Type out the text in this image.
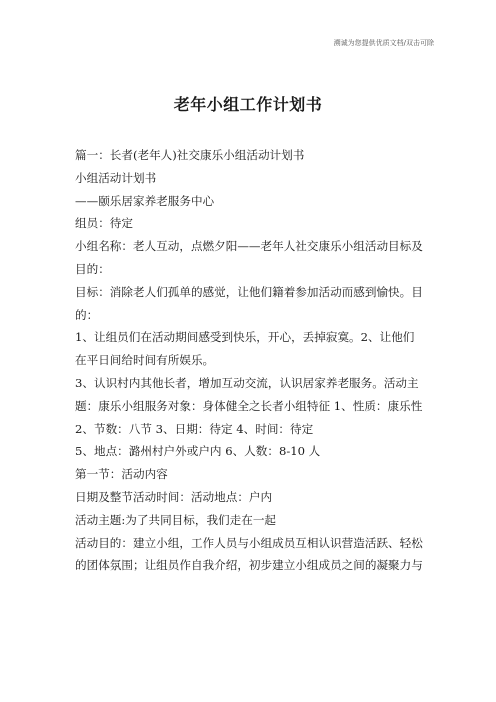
溯诚为您提供优质文档/双击可除
老年小组工作计划书

篇一：长者(老年人)社交康乐小组活动计划书

小组活动计划书

——颐乐居家养老服务中心

组员：待定

小组名称：老人互动，点燃夕阳——老年人社交康乐小组活动目标及目的：

目标：消除老人们孤单的感觉，让他们籍着参加活动而感到愉快。目的：

1、让组员们在活动期间感受到快乐，开心，丢掉寂寞。2、让他们在平日间给时间有所娱乐。

3、认识村内其他长者，增加互动交流，认识居家养老服务。活动主题：康乐小组服务对象：身体健全之长者小组特征 1、性质：康乐性 2、节数：八节 3、日期：待定 4、时间：待定

5、地点：潞州村户外或户内 6、人数：8-10 人

第一节：活动内容

日期及整节活动时间：活动地点：户内

活动主题:为了共同目标，我们走在一起

活动目的：建立小组，工作人员与小组成员互相认识营造活跃、轻松的团体氛围；让组员作自我介绍，初步建立小组成员之间的凝聚力与
